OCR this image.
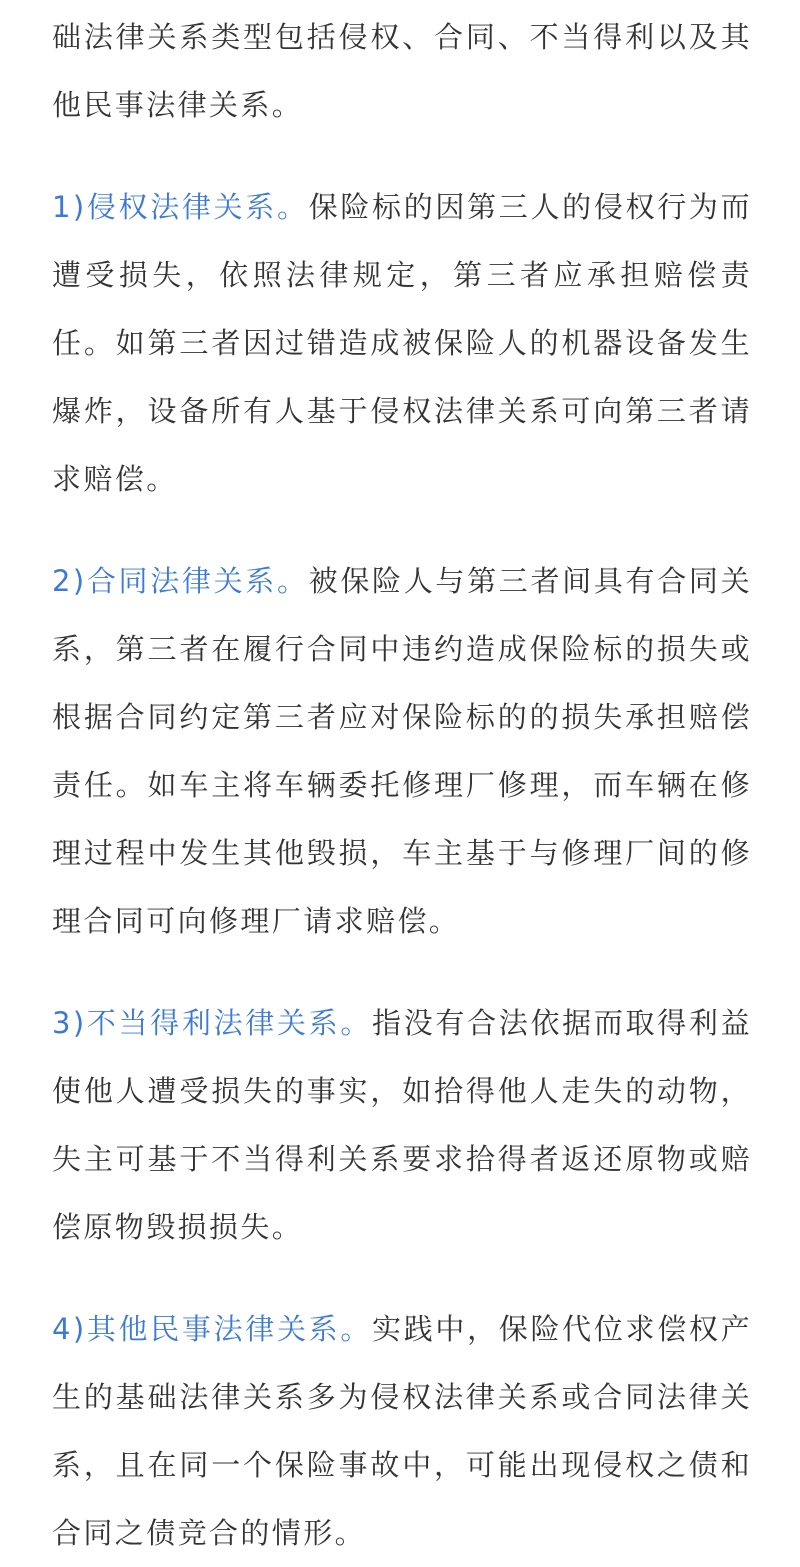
础法律关系类型包括侵权、合同、不当得利以及其他民事法律关系。

1)侵权法律关系。保险标的因第三人的侵权行为而遭受损失，依照法律规定，第三者应承担赔偿责任。如第三者因过错造成被保险人的机器设备发生爆炸，设备所有人基于侵权法律关系可向第三者请求赔偿。

2)合同法律关系。被保险人与第三者间具有合同关系，第三者在履行合同中违约造成保险标的损失或根据合同约定第三者应对保险标的的损失承担赔偿责任。如车主将车辆委托修理厂修理，而车辆在修理过程中发生其他毁损，车主基于与修理厂间的修理合同可向修理厂请求赔偿。

3)不当得利法律关系。指没有合法依据而取得利益使他人遭受损失的事实，如拾得他人走失的动物，失主可基于不当得利关系要求拾得者返还原物或赔偿原物毁损损失。

4)其他民事法律关系。实践中，保险代位求偿权产生的基础法律关系多为侵权法律关系或合同法律关系，且在同一个保险事故中，可能出现侵权之债和合同之债竞合的情形。
